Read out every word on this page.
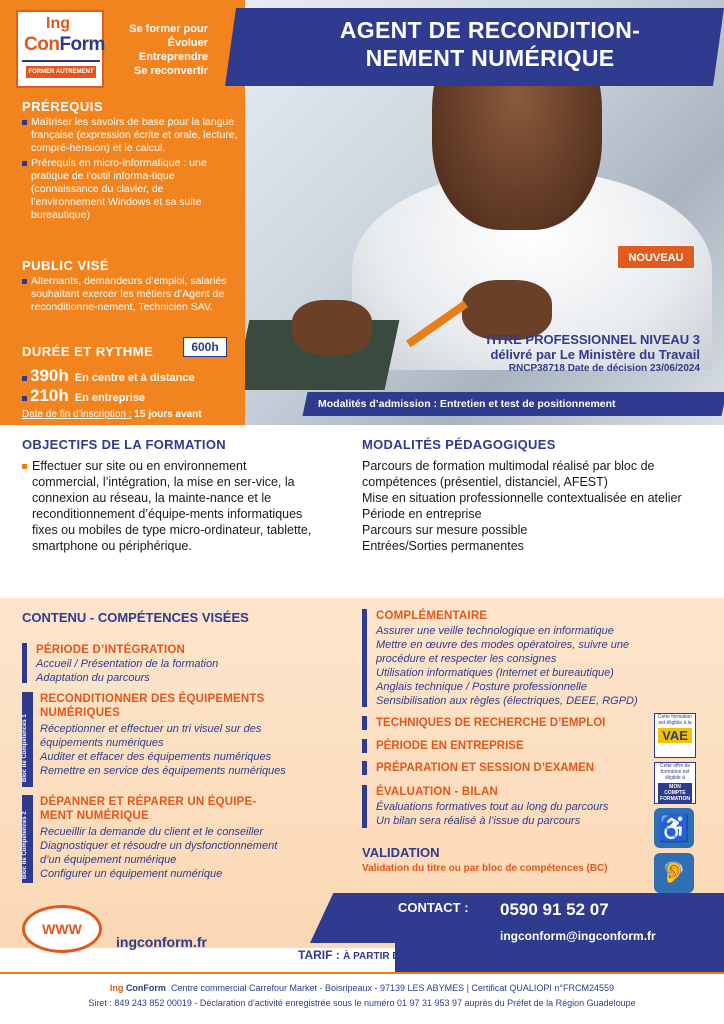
Ing
ConForm
FORMER AUTREMENT
Se former pour
Évoluer
Entreprendre
Se reconvertir
AGENT DE RECONDITION-
NEMENT NUMÉRIQUE	Maj. 26/05/2026
PRÉREQUIS
Maîtriser les savoirs de base pour la langue française (expression écrite et orale, lecture, compré-hension) et le calcul.
Prérequis en micro-informatique : une pratique de l’outil informa-tique (connaissance du clavier, de l’environnement Windows et sa suite bureautique)
PUBLIC VISÉ
Alternants, demandeurs d’emploi, salariés souhaitant exercer les métiers d’Agent de reconditionne-nement, Technicien SAV.
DURÉE ET RYTHME	600h
390h En centre et à distance
210h En entreprise
Date de fin d’inscription : 15 jours avant
NOUVEAU
TITRE PROFESSIONNEL NIVEAU 3
délivré par Le Ministère du Travail
RNCP38718 Date de décision 23/06/2024
Modalités d’admission : Entretien et test de positionnement
OBJECTIFS DE LA FORMATION
Effectuer sur site ou en environnement commercial, l’intégration, la mise en ser-vice, la connexion au réseau, la mainte-nance et le reconditionnement d’équipe-ments informatiques fixes ou mobiles de type micro-ordinateur, tablette, smartphone ou périphérique.
MODALITÉS PÉDAGOGIQUES
Parcours de formation multimodal réalisé par bloc de compétences (présentiel, distanciel, AFEST)
Mise en situation professionnelle contextualisée en atelier
Période en entreprise
Parcours sur mesure possible
Entrées/Sorties permanentes
CONTENU - COMPÉTENCES VISÉES
PÉRIODE D’INTÉGRATION
Accueil / Présentation de la formation
Adaptation du parcours
Bloc de Compétences 1
RECONDITIONNER DES ÉQUIPEMENTS
NUMÉRIQUES
Réceptionner et effectuer un tri visuel sur des
équipements numériques
Auditer et effacer des équipements numériques
Remettre en service des équipements numériques
Bloc de Compétences 2
DÉPANNER ET RÉPARER UN ÉQUIPE-
MENT NUMÉRIQUE
Recueillir la demande du client et le conseiller
Diagnostiquer et résoudre un dysfonctionnement
d’un équipement numérique
Configurer un équipement numérique
COMPLÉMENTAIRE
Assurer une veille technologique en informatique
Mettre en œuvre des modes opératoires, suivre une
procédure et respecter les consignes
Utilisation informatiques (Internet et bureautique)
Anglais technique / Posture professionnelle
Sensibilisation aux règles (électriques, DEEE, RGPD)
TECHNIQUES DE RECHERCHE D’EMPLOI
PÉRIODE EN ENTREPRISE
PRÉPARATION ET SESSION D’EXAMEN
ÉVALUATION - BILAN
Évaluations formatives tout au long du parcours
Un bilan sera réalisé à l’issue du parcours
VALIDATION
Validation du titre ou par bloc de compétences (BC)
Cette formation est éligible à la
VAE
Cette offre de formation est éligible à
MON COMPTE FORMATION
♿
🦻
CONTACT : 0590 91 52 07
ingconform@ingconform.fr
WWW
ingconform.fr
TARIF : À PARTIR DE 10,50€/h
Ing ConForm Centre commercial Carrefour Market - Boisripeaux - 97139 LES ABYMES | Certificat QUALIOPI n°FRCM24559
Siret : 849 243 852 00019 - Déclaration d’activité enregistrée sous le numéro 01 97 31 953 97 auprès du Préfet de la Région Guadeloupe
